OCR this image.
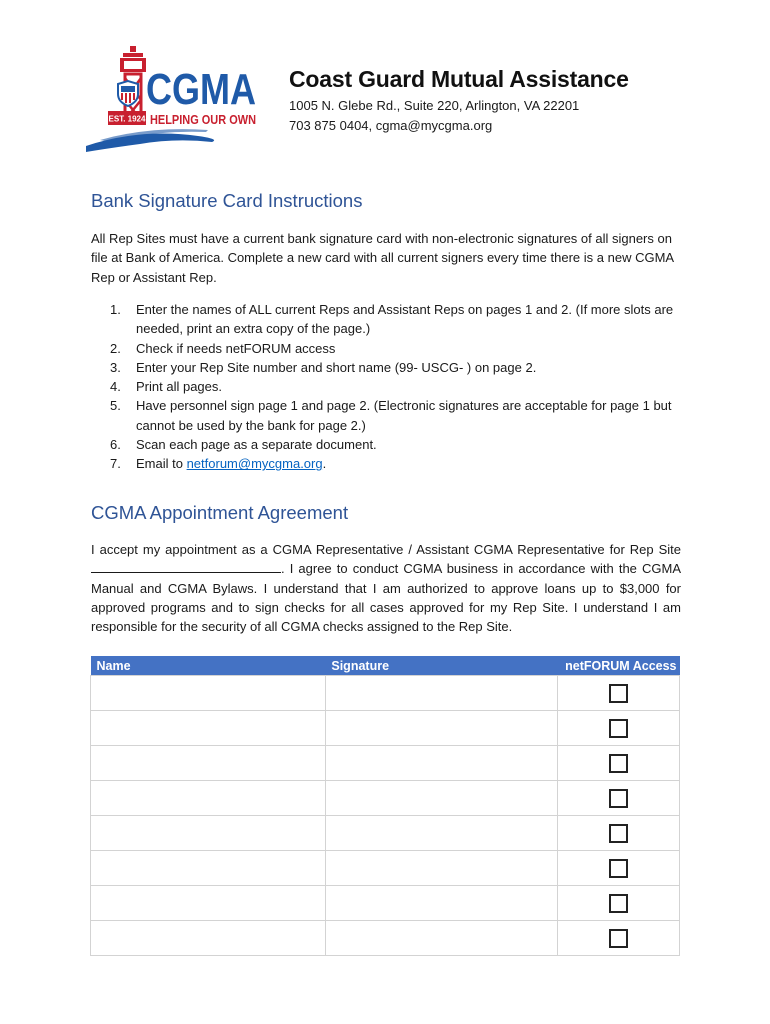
EST. 1924
CGMA
HELPING OUR OWN
Coast Guard Mutual Assistance
1005 N. Glebe Rd., Suite 220, Arlington, VA 22201
703 875 0404, cgma@mycgma.org
Bank Signature Card Instructions
All Rep Sites must have a current bank signature card with non-electronic signatures of all signers on file at Bank of America. Complete a new card with all current signers every time there is a new CGMA Rep or Assistant Rep.
1. Enter the names of ALL current Reps and Assistant Reps on pages 1 and 2. (If more slots are needed, print an extra copy of the page.)
2. Check if needs netFORUM access
3. Enter your Rep Site number and short name (99- USCG- ) on page 2.
4. Print all pages.
5. Have personnel sign page 1 and page 2. (Electronic signatures are acceptable for page 1 but cannot be used by the bank for page 2.)
6. Scan each page as a separate document.
7. Email to netforum@mycgma.org.
CGMA Appointment Agreement
I accept my appointment as a CGMA Representative / Assistant CGMA Representative for Rep Site . I agree to conduct CGMA business in accordance with the CGMA Manual and CGMA Bylaws. I understand that I am authorized to approve loans up to $3,000 for approved programs and to sign checks for all cases approved for my Rep Site. I understand I am responsible for the security of all CGMA checks assigned to the Rep Site.
Name	Signature	netFORUM Access
